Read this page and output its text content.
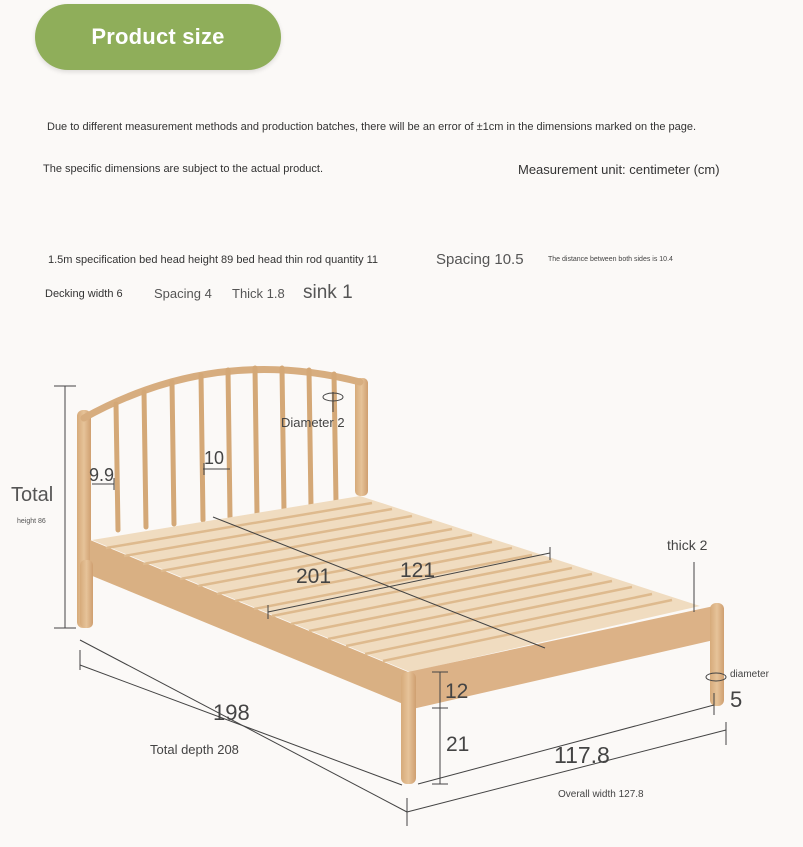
Product size
Due to different measurement methods and production batches, there will be an error of ±1cm in the dimensions marked on the page.
The specific dimensions are subject to the actual product.	Measurement unit: centimeter (cm)
1.5m specification bed head height 89 bed head thin rod quantity 11	Spacing 10.5	The distance between both sides is 10.4
Decking width 6 Spacing 4 Thick 1.8 sink 1
Total
height 86
9.9
10
Diameter 2
201	121
thick 2
diameter
5
198
12
21	117.8
Total depth 208
Overall width 127.8
